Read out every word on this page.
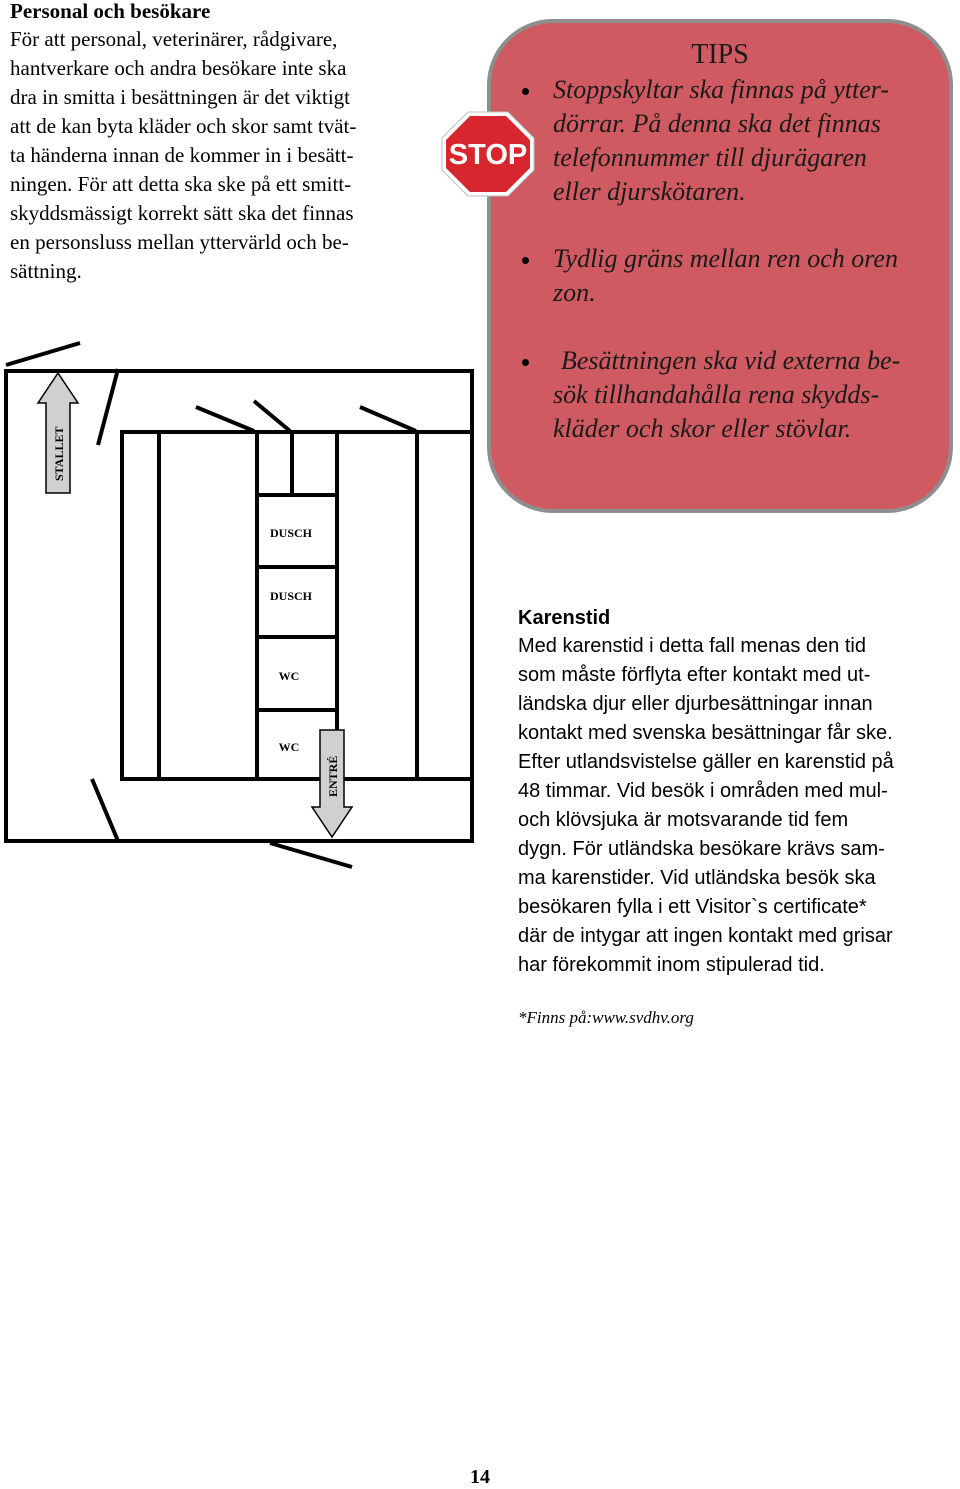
Personal och besökare
För att personal, veterinärer, rådgivare,
hantverkare och andra besökare inte ska
dra in smitta i besättningen är det viktigt
att de kan byta kläder och skor samt tvät-
ta händerna innan de kommer in i besätt-
ningen. För att detta ska ske på ett smitt-
skyddsmässigt korrekt sätt ska det finnas
en personsluss mellan yttervärld och be-
sättning.
TIPS
Stoppskyltar ska finnas på ytter-
dörrar. På denna ska det finnas
telefonnummer till djurägaren
eller djurskötaren.
Tydlig gräns mellan ren och oren
zon.
Besättningen ska vid externa be-
sök tillhandahålla rena skydds-
kläder och skor eller stövlar.
STOP
STALLET
ENTRÉ
DUSCH
DUSCH
WC
WC
Karenstid
Med karenstid i detta fall menas den tid
som måste förflyta efter kontakt med ut-
ländska djur eller djurbesättningar innan
kontakt med svenska besättningar får ske.
Efter utlandsvistelse gäller en karenstid på
48 timmar. Vid besök i områden med mul-
och klövsjuka är motsvarande tid fem
dygn. För utländska besökare krävs sam-
ma karenstider. Vid utländska besök ska
besökaren fylla i ett Visitor`s certificate*
där de intygar att ingen kontakt med grisar
har förekommit inom stipulerad tid.
*Finns på:www.svdhv.org
14
